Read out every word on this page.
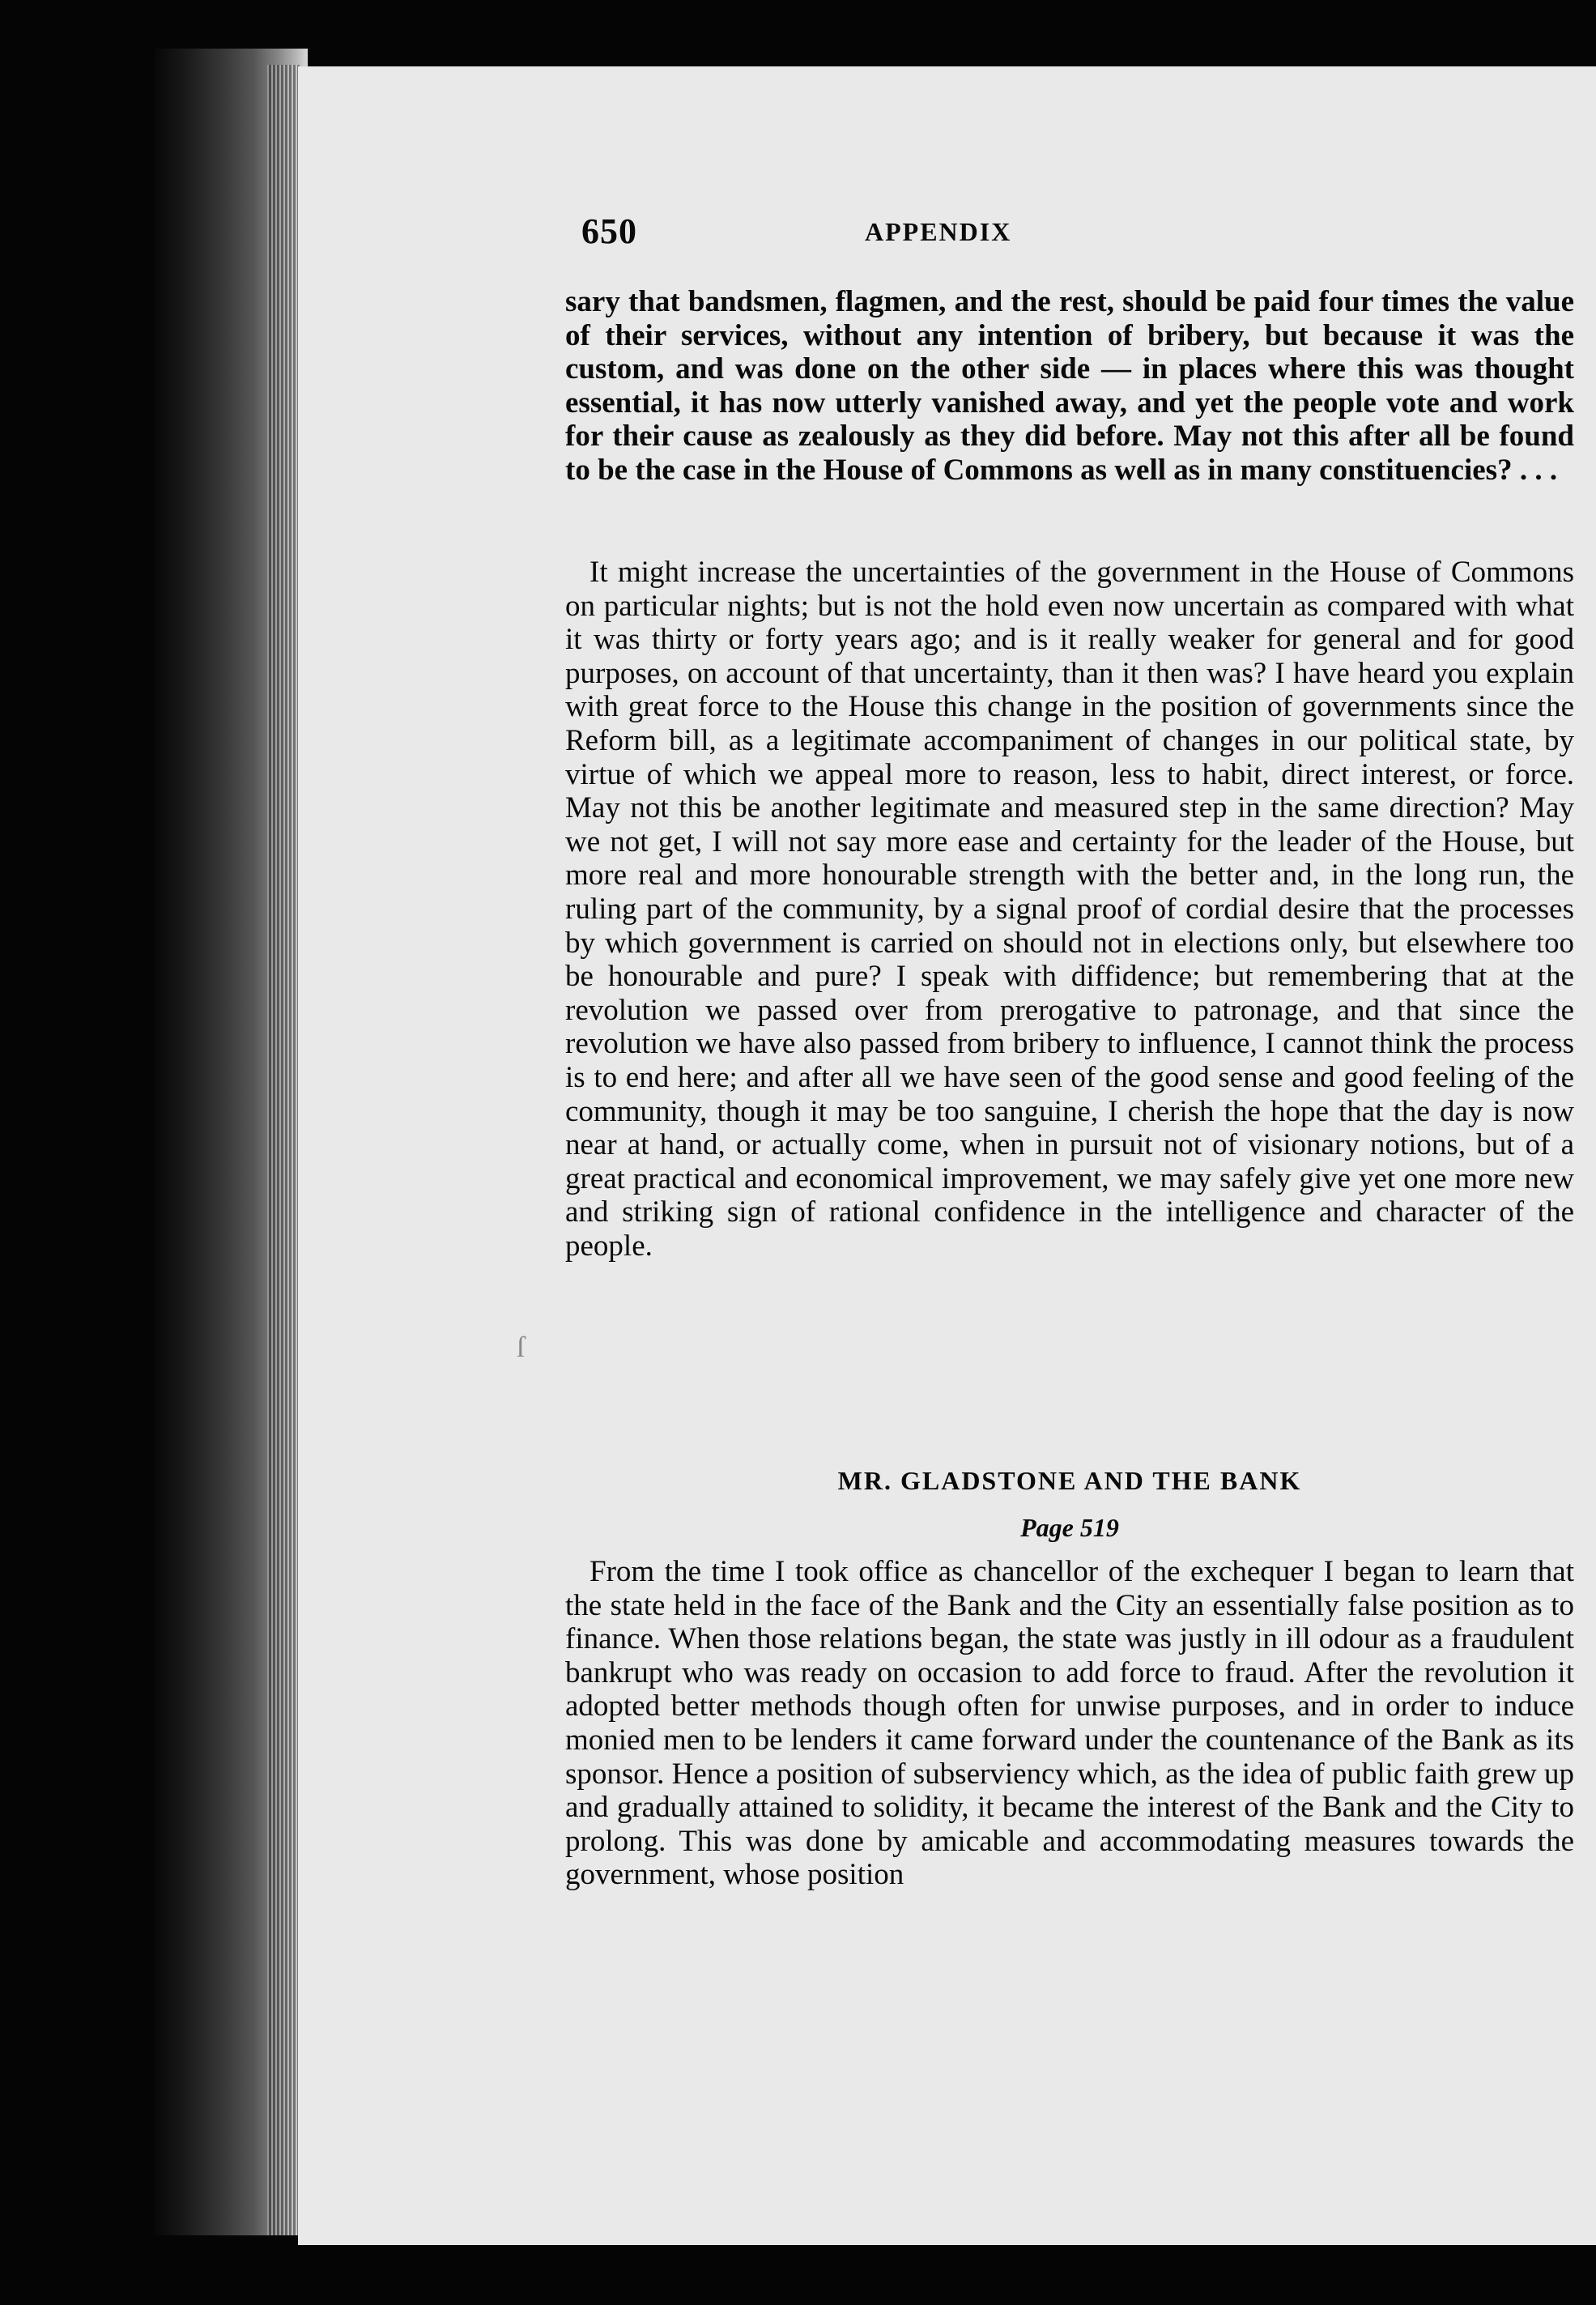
650	APPENDIX

sary that bandsmen, flagmen, and the rest, should be paid four times the value of their services, without any intention of bribery, but because it was the custom, and was done on the other side — in places where this was thought essential, it has now utterly vanished away, and yet the people vote and work for their cause as zealously as they did before. May not this after all be found to be the case in the House of Commons as well as in many constituencies? . . .

It might increase the uncertainties of the government in the House of Commons on particular nights; but is not the hold even now uncertain as compared with what it was thirty or forty years ago; and is it really weaker for general and for good purposes, on account of that uncertainty, than it then was? I have heard you explain with great force to the House this change in the position of governments since the Reform bill, as a legitimate accompaniment of changes in our political state, by virtue of which we appeal more to reason, less to habit, direct interest, or force. May not this be another legitimate and measured step in the same direction? May we not get, I will not say more ease and certainty for the leader of the House, but more real and more honourable strength with the better and, in the long run, the ruling part of the community, by a signal proof of cordial desire that the processes by which government is carried on should not in elections only, but elsewhere too be honourable and pure? I speak with diffidence; but remembering that at the revolution we passed over from prerogative to patronage, and that since the revolution we have also passed from bribery to influence, I cannot think the process is to end here; and after all we have seen of the good sense and good feeling of the community, though it may be too sanguine, I cherish the hope that the day is now near at hand, or actually come, when in pursuit not of visionary notions, but of a great practical and economical improvement, we may safely give yet one more new and striking sign of rational confidence in the intelligence and character of the people.

ſ
MR. GLADSTONE AND THE BANK
Page 519

From the time I took office as chancellor of the exchequer I began to learn that the state held in the face of the Bank and the City an essentially false position as to finance. When those relations began, the state was justly in ill odour as a fraudulent bankrupt who was ready on occasion to add force to fraud. After the revolution it adopted better methods though often for unwise purposes, and in order to induce monied men to be lenders it came forward under the countenance of the Bank as its sponsor. Hence a position of subserviency which, as the idea of public faith grew up and gradually attained to solidity, it became the interest of the Bank and the City to prolong. This was done by amicable and accommodating measures towards the government, whose position
